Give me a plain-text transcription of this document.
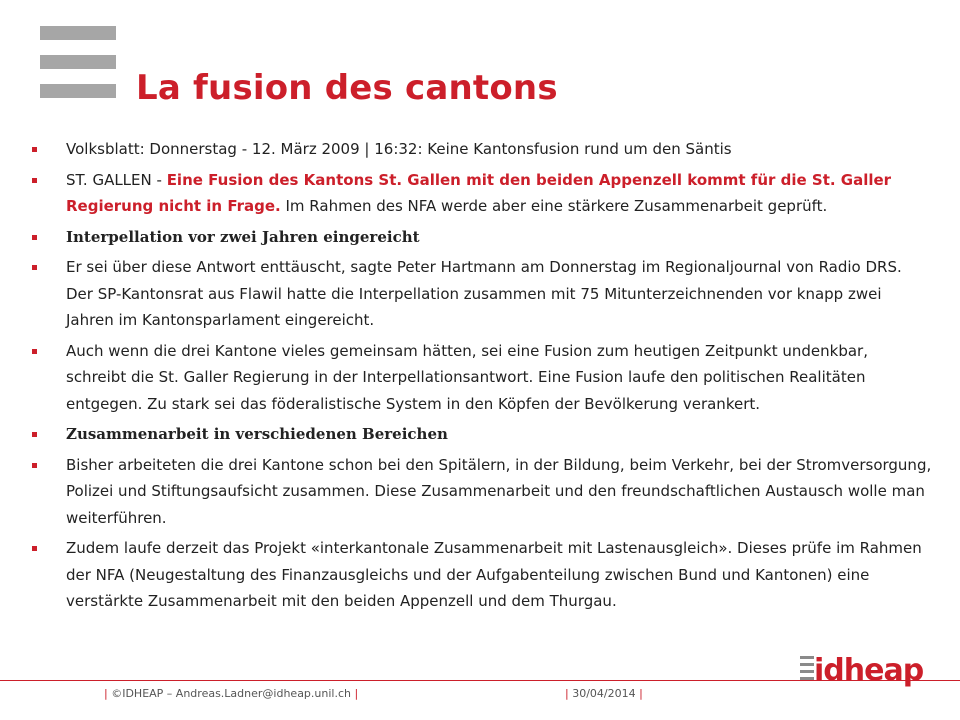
La fusion des cantons
Volksblatt: Donnerstag - 12. März 2009 | 16:32: Keine Kantonsfusion rund um den Säntis
ST. GALLEN - Eine Fusion des Kantons St. Gallen mit den beiden Appenzell kommt für die St. Galler Regierung nicht in Frage. Im Rahmen des NFA werde aber eine stärkere Zusammenarbeit geprüft.
Interpellation vor zwei Jahren eingereicht
Er sei über diese Antwort enttäuscht, sagte Peter Hartmann am Donnerstag im Regionaljournal von Radio DRS. Der SP-Kantonsrat aus Flawil hatte die Interpellation zusammen mit 75 Mitunterzeichnenden vor knapp zwei Jahren im Kantonsparlament eingereicht.
Auch wenn die drei Kantone vieles gemeinsam hätten, sei eine Fusion zum heutigen Zeitpunkt undenkbar, schreibt die St. Galler Regierung in der Interpellationsantwort. Eine Fusion laufe den politischen Realitäten entgegen. Zu stark sei das föderalistische System in den Köpfen der Bevölkerung verankert.
Zusammenarbeit in verschiedenen Bereichen
Bisher arbeiteten die drei Kantone schon bei den Spitälern, in der Bildung, beim Verkehr, bei der Stromversorgung, Polizei und Stiftungsaufsicht zusammen. Diese Zusammenarbeit und den freundschaftlichen Austausch wolle man weiterführen.
Zudem laufe derzeit das Projekt «interkantonale Zusammenarbeit mit Lastenausgleich». Dieses prüfe im Rahmen der NFA (Neugestaltung des Finanzausgleichs und der Aufgabenteilung zwischen Bund und Kantonen) eine verstärkte Zusammenarbeit mit den beiden Appenzell und dem Thurgau.
| ©IDHEAP – Andreas.Ladner@idheap.unil.ch |	| 30/04/2014 |
idheap
